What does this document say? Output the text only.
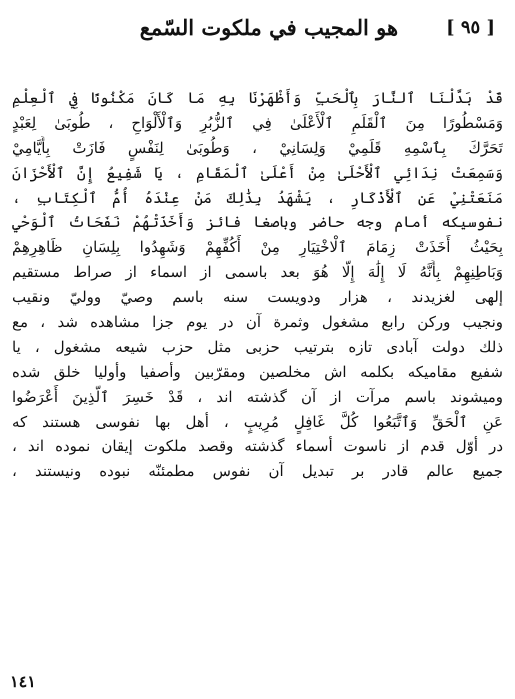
[ ٩٥ ]
هو المجيب في ملكوت السّمع
قَدْ بَدَّلْنَا ٱلنَّارَ بِٱلْحَبِّ وَأَظْهَرْنَا بِهِ مَا كَانَ مَكْنُونًا فِي ٱلْعِلْمِ
وَمَسْطُورًا مِنَ ٱلْقَلَمِ ٱلْأَعْلَىٰ فِي ٱلزُّبُرِ وَٱلْأَلْوَاحِ ، طُوبَىٰ لِعَبْدٍ
تَحَرَّكَ بِٱسْمِهِ قَلَمِيْ وَلِسَانِيْ ، وَطُوبَىٰ لِنَفْسٍ فَازَتْ بِأَيَّامِيْ
وَسَمِعَتْ نِدَائِي ٱلْأَحْلَىٰ مِنْ أَعْلَىٰ ٱلْمَقَامِ ، يَا شَفِيعُ إِنَّ ٱلْأَحْزَانَ
مَنَعَتْنِيْ عَنِ ٱلْأَذْكَارِ ، يَشْهَدُ بِذَٰلِكَ مَنْ عِنْدَهُ أُمُّ ٱلْكِتَابِ ،
نفوسيكه أمام وجه حاضر وباصغا فائز وَأَخَذَتْهُمْ نَفَحَاتُ ٱلْوَحْيِ
بِحَيْثُ أَخَذَتْ زِمَامَ ٱلْاخْتِيَارِ مِنْ أَكُفِّهِمْ وَشَهِدُوا بِلِسَانِ ظَاهِرِهِمْ
وَبَاطِنِهِمْ بِأَنَّهُ لَا إِلَٰهَ إِلَّا هُوَ بعد باسمى از اسماء از صراط مستقيم
إلهى لغزيدند ، هزار ودويست سنه باسم وصيّ ووليّ ونقيب
ونجيب وركن رابع مشغول وثمرة آن در يوم جزا مشاهده شد ، مع
ذلك دولت آبادى تازه بترتيب حزبى مثل حزب شيعه مشغول ، يا
شفيع مقاميكه بكلمه اش مخلصين ومقرّبين وأصفيا وأوليا خلق شده
وميشوند باسم مرآت از آن گذشته اند ، قَدْ خَسِرَ ٱلَّذِينَ أَعْرَضُوا
عَنِ ٱلْحَقِّ وَٱتَّبَعُوا كُلَّ غَافِلٍ مُرِيبٍ ، أهل بها نفوسى هستند كه
در أوّل قدم از ناسوت أسماء گذشته وقصد ملكوت إيقان نموده اند ،
جميع عالم قادر بر تبديل آن نفوس مطمئنّه نبوده ونيستند ،
١٤١
